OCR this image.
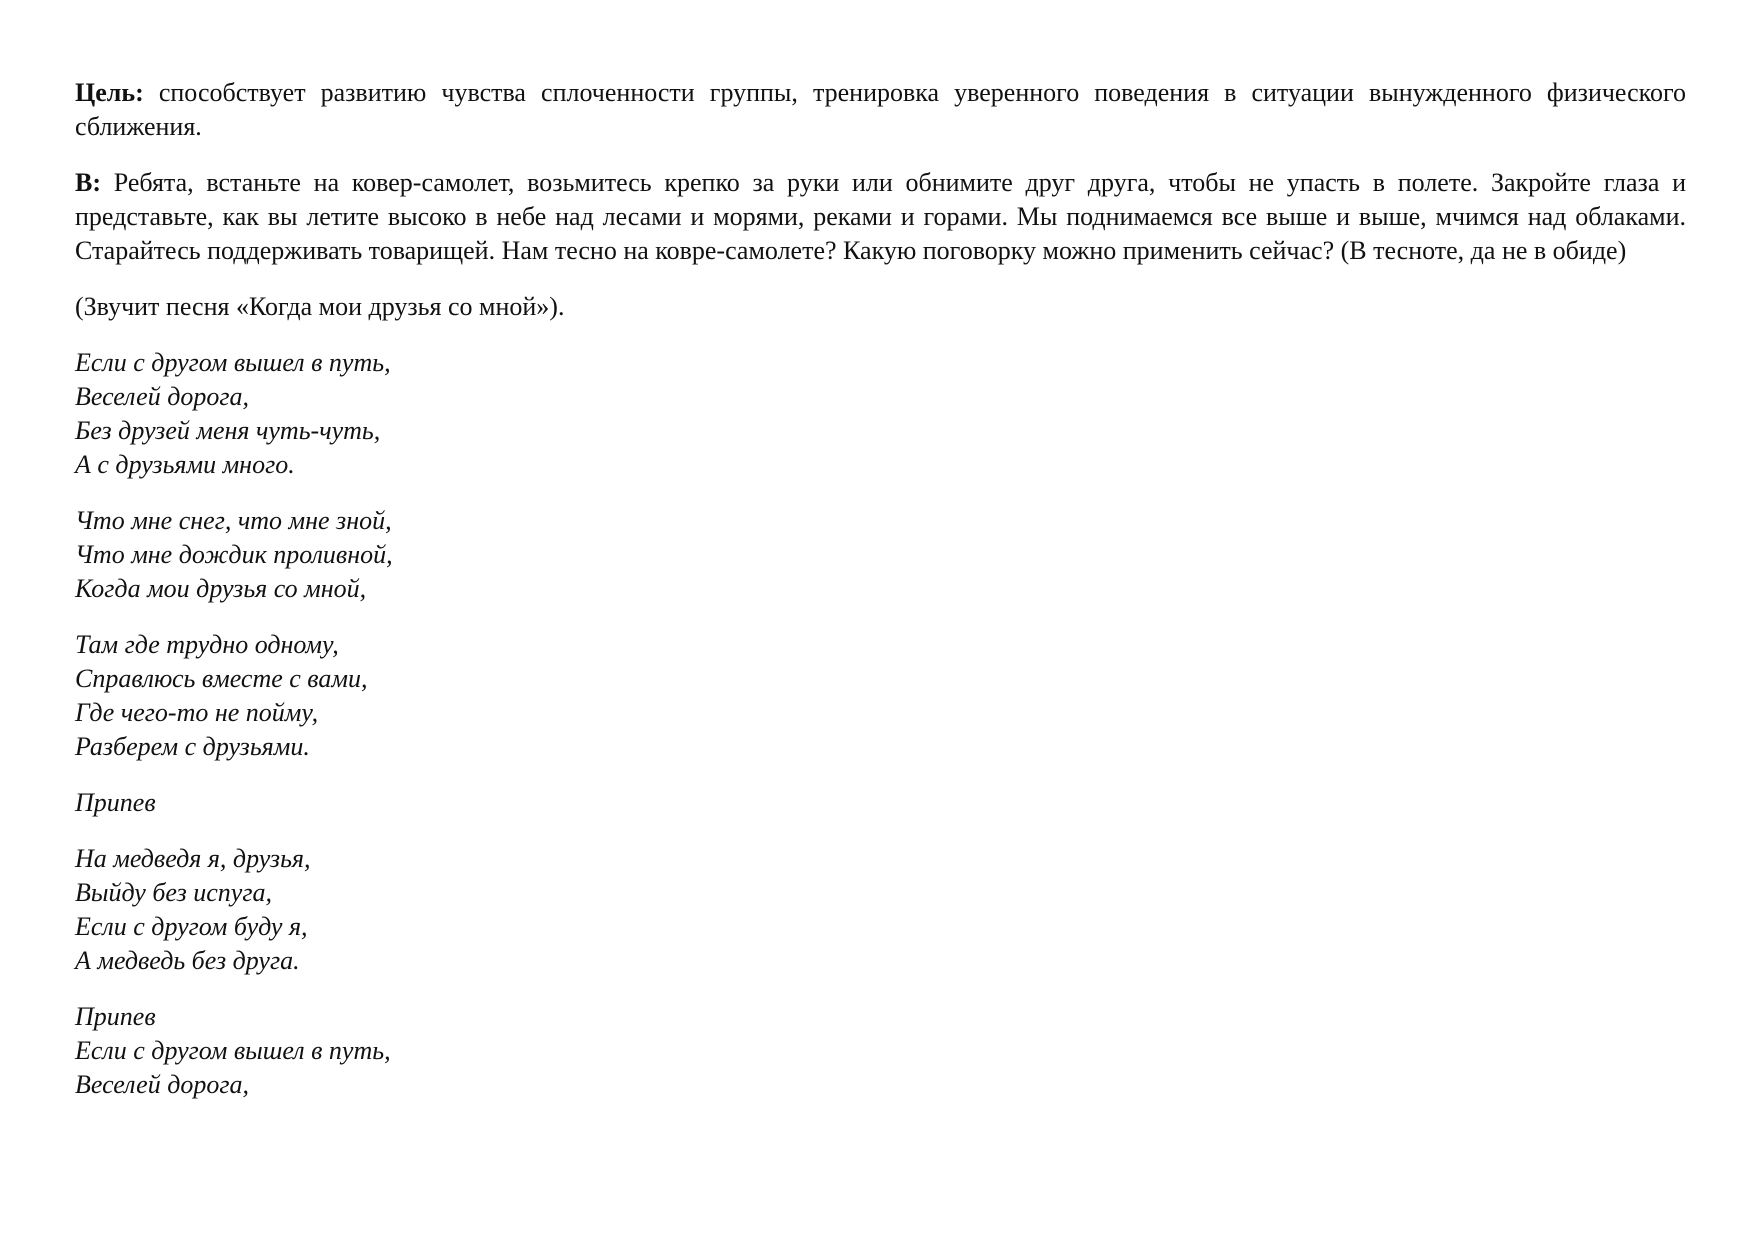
Цель: способствует развитию чувства сплоченности группы, тренировка уверенного поведения в ситуации вынужденного физического сближения.

В: Ребята, встаньте на ковер-самолет, возьмитесь крепко за руки или обнимите друг друга, чтобы не упасть в полете. Закройте глаза и представьте, как вы летите высоко в небе над лесами и морями, реками и горами. Мы поднимаемся все выше и выше, мчимся над облаками. Старайтесь поддерживать товарищей. Нам тесно на ковре-самолете? Какую поговорку можно применить сейчас? (В тесноте, да не в обиде)

(Звучит песня «Когда мои друзья со мной»).

Если с другом вышел в путь,
Веселей дорога,
Без друзей меня чуть-чуть,
А с друзьями много.
Что мне снег, что мне зной,
Что мне дождик проливной,
Когда мои друзья со мной,
Там где трудно одному,
Справлюсь вместе с вами,
Где чего-то не пойму,
Разберем с друзьями.
Припев
На медведя я, друзья,
Выйду без испуга,
Если с другом буду я,
А медведь без друга.
Припев
Если с другом вышел в путь,
Веселей дорога,
